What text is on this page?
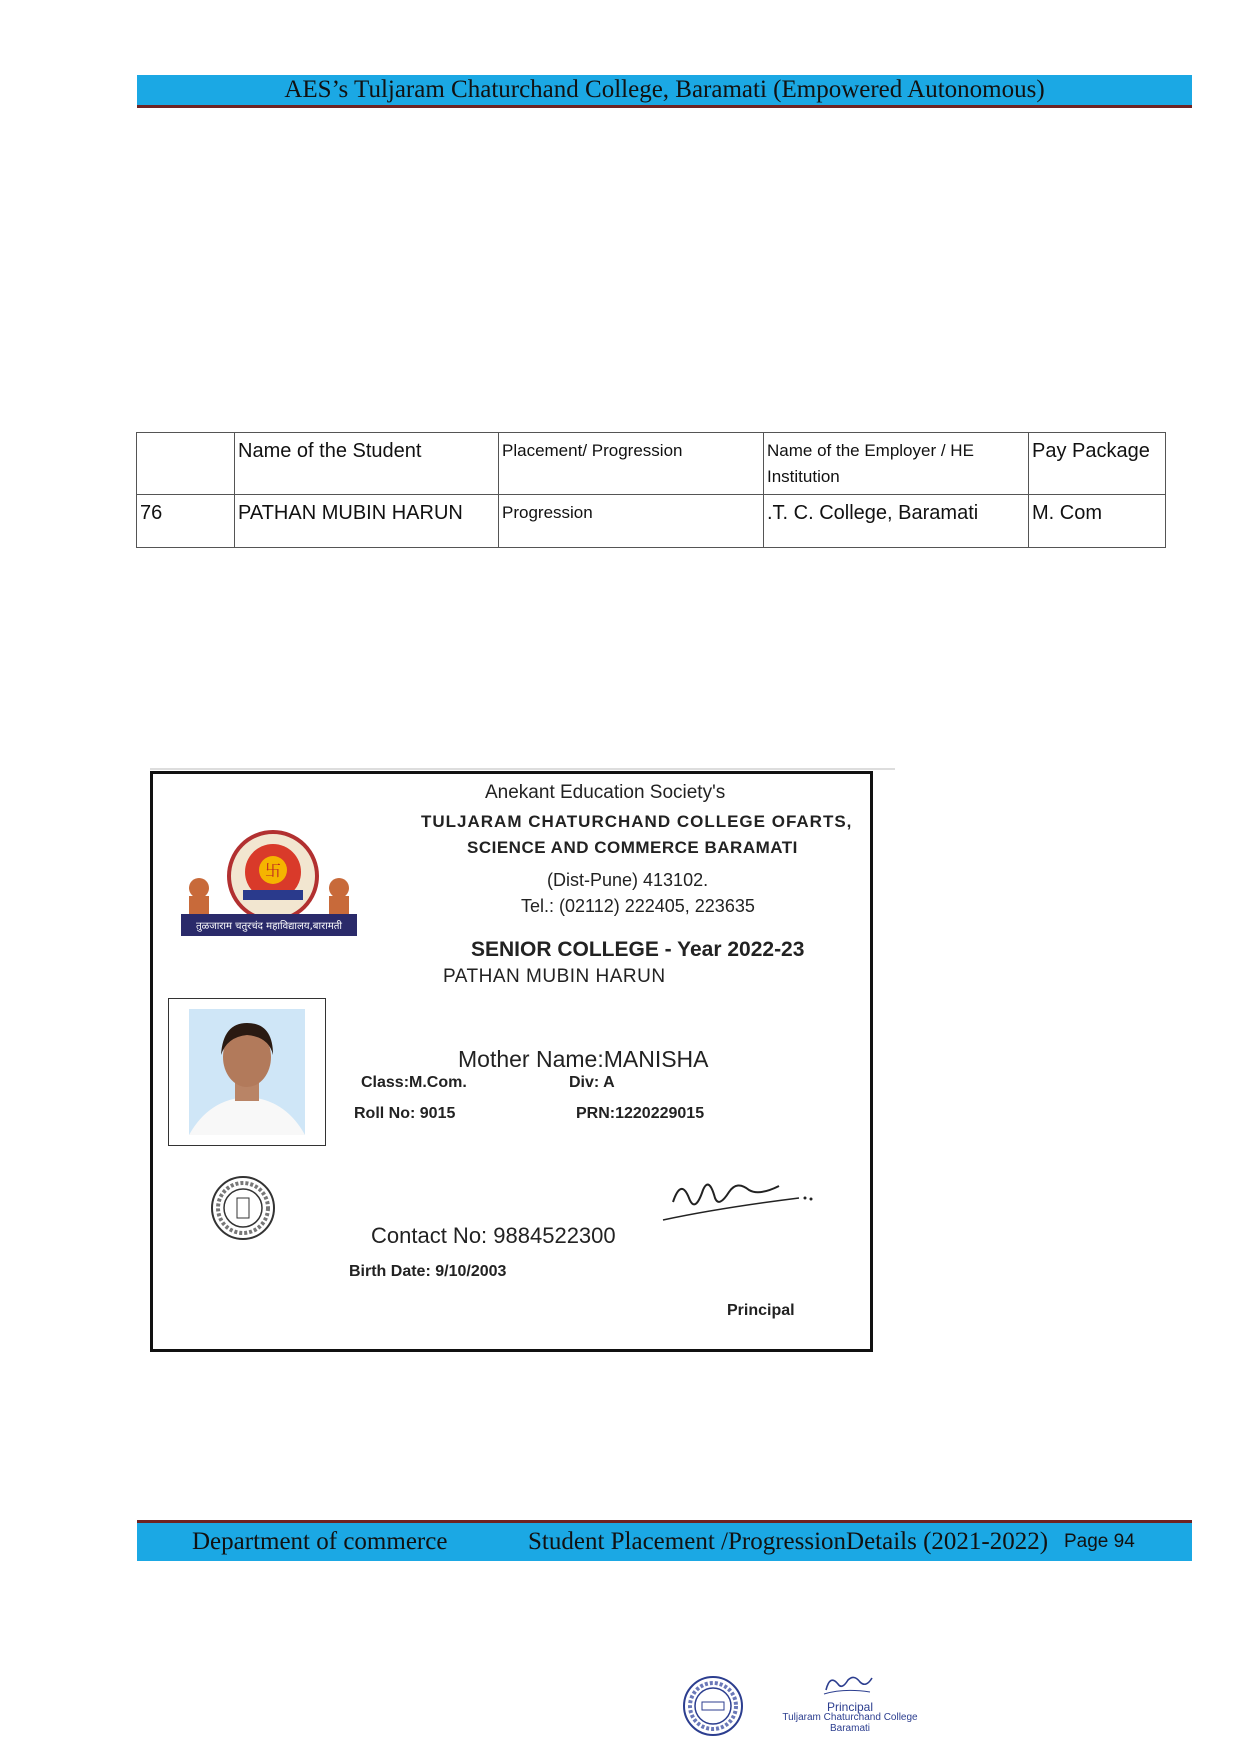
AES’s Tuljaram Chaturchand College, Baramati (Empowered Autonomous)
	Name of the Student	Placement/ Progression	Name of the Employer / HE Institution	Pay Package
76	PATHAN MUBIN HARUN	Progression	.T. C. College, Baramati	M. Com
卐
तुळजाराम चतुरचंद महाविद्यालय,बारामती
Anekant Education Society's
TULJARAM CHATURCHAND COLLEGE OFARTS,
SCIENCE AND COMMERCE BARAMATI
(Dist-Pune) 413102.
Tel.: (02112) 222405, 223635
SENIOR COLLEGE - Year 2022-23
PATHAN MUBIN HARUN
Mother Name:MANISHA
Class:M.Com.	Div: A
Roll No: 9015	PRN:1220229015
Contact No: 9884522300
Birth Date: 9/10/2003
Principal
Department of commerce	Student Placement /ProgressionDetails (2021-2022) Page 94
Principal
Tuljaram Chaturchand College
Baramati
